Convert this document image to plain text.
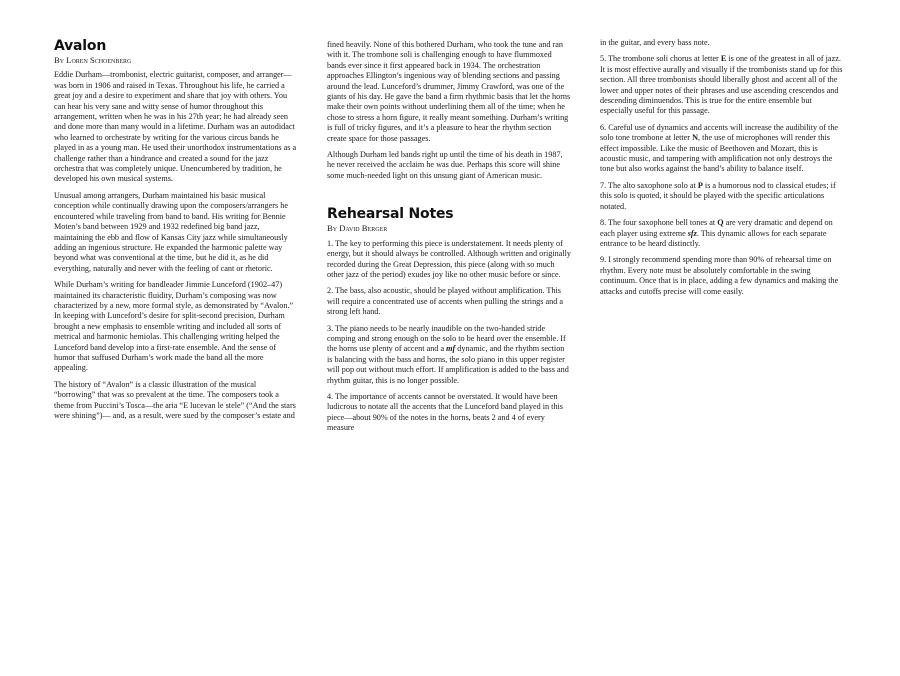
Avalon
By Loren Schoenberg

Eddie Durham—trombonist, electric guitarist, composer, and arranger—was born in 1906 and raised in Texas. Throughout his life, he carried a great joy and a desire to experiment and share that joy with others. You can hear his very sane and witty sense of humor throughout this arrangement, written when he was in his 27th year; he had already seen and done more than many would in a lifetime. Durham was an autodidact who learned to orchestrate by writing for the various circus bands he played in as a young man. He used their unorthodox instrumentations as a challenge rather than a hindrance and created a sound for the jazz orchestra that was completely unique. Unencumbered by tradition, he developed his own musical systems.

Unusual among arrangers, Durham maintained his basic musical conception while continually drawing upon the composers/arrangers he encountered while traveling from band to band. His writing for Bennie Moten’s band between 1929 and 1932 redefined big band jazz, maintaining the ebb and flow of Kansas City jazz while simultaneously adding an ingenious structure. He expanded the harmonic palette way beyond what was conventional at the time, but he did it, as he did everything, naturally and never with the feeling of cant or rhetoric.

While Durham’s writing for bandleader Jimmie Lunceford (1902–47) maintained its characteristic fluidity, Durham’s composing was now characterized by a new, more formal style, as demonstrated by “Avalon.” In keeping with Lunceford’s desire for split-second precision, Durham brought a new emphasis to ensemble writing and included all sorts of metrical and harmonic hemiolas. This challenging writing helped the Lunceford band develop into a first-rate ensemble. And the sense of humor that suffused Durham’s work made the band all the more appealing.

The history of “Avalon” is a classic illustration of the musical “borrowing” that was so prevalent at the time. The composers took a theme from Puccini’s Tosca—the aria “E lucevan le stele” (“And the stars were shining”)— and, as a result, were sued by the composer’s estate and

fined heavily. None of this bothered Durham, who took the tune and ran with it. The trombone soli is challenging enough to have flummoxed bands ever since it first appeared back in 1934. The orchestration approaches Ellington’s ingenious way of blending sections and passing around the lead. Lunceford’s drummer, Jimmy Crawford, was one of the giants of his day. He gave the band a firm rhythmic basis that let the horns make their own points without underlining them all of the time; when he chose to stress a horn figure, it really meant something. Durham’s writing is full of tricky figures, and it’s a pleasure to hear the rhythm section create space for those passages.

Although Durham led bands right up until the time of his death in 1987, he never received the acclaim he was due. Perhaps this score will shine some much-needed light on this unsung giant of American music.

Rehearsal Notes
By David Berger

1. The key to performing this piece is understatement. It needs plenty of energy, but it should always be controlled. Although written and originally recorded during the Great Depression, this piece (along with so much other jazz of the period) exudes joy like no other music before or since.

2. The bass, also acoustic, should be played without amplification. This will require a concentrated use of accents when pulling the strings and a strong left hand.

3. The piano needs to be nearly inaudible on the two-handed stride comping and strong enough on the solo to be heard over the ensemble. If the horns use plenty of accent and a mf dynamic, and the rhythm section is balancing with the bass and horns, the solo piano in this upper register will pop out without much effort. If amplification is added to the bass and rhythm guitar, this is no longer possible.

4. The importance of accents cannot be overstated. It would have been ludicrous to notate all the accents that the Lunceford band played in this piece—about 90% of the notes in the horns, beats 2 and 4 of every measure

in the guitar, and every bass note.

5. The trombone soli chorus at letter E is one of the greatest in all of jazz. It is most effective aurally and visually if the trombonists stand up for this section. All three trombonists should liberally ghost and accent all of the lower and upper notes of their phrases and use ascending crescendos and descending diminuendos. This is true for the entire ensemble but especially useful for this passage.

6. Careful use of dynamics and accents will increase the audibility of the solo tone trombone at letter N, the use of microphones will render this effect impossible. Like the music of Beethoven and Mozart, this is acoustic music, and tampering with amplification not only destroys the tone but also works against the band’s ability to balance itself.

7. The alto saxophone solo at P is a humorous nod to classical etudes; if this solo is quoted, it should be played with the specific articulations notated.

8. The four saxophone bell tones at Q are very dramatic and depend on each player using extreme sfz. This dynamic allows for each separate entrance to be heard distinctly.

9. I strongly recommend spending more than 90% of rehearsal time on rhythm. Every note must be absolutely comfortable in the swing continuum. Once that is in place, adding a few dynamics and making the attacks and cutoffs precise will come easily.
